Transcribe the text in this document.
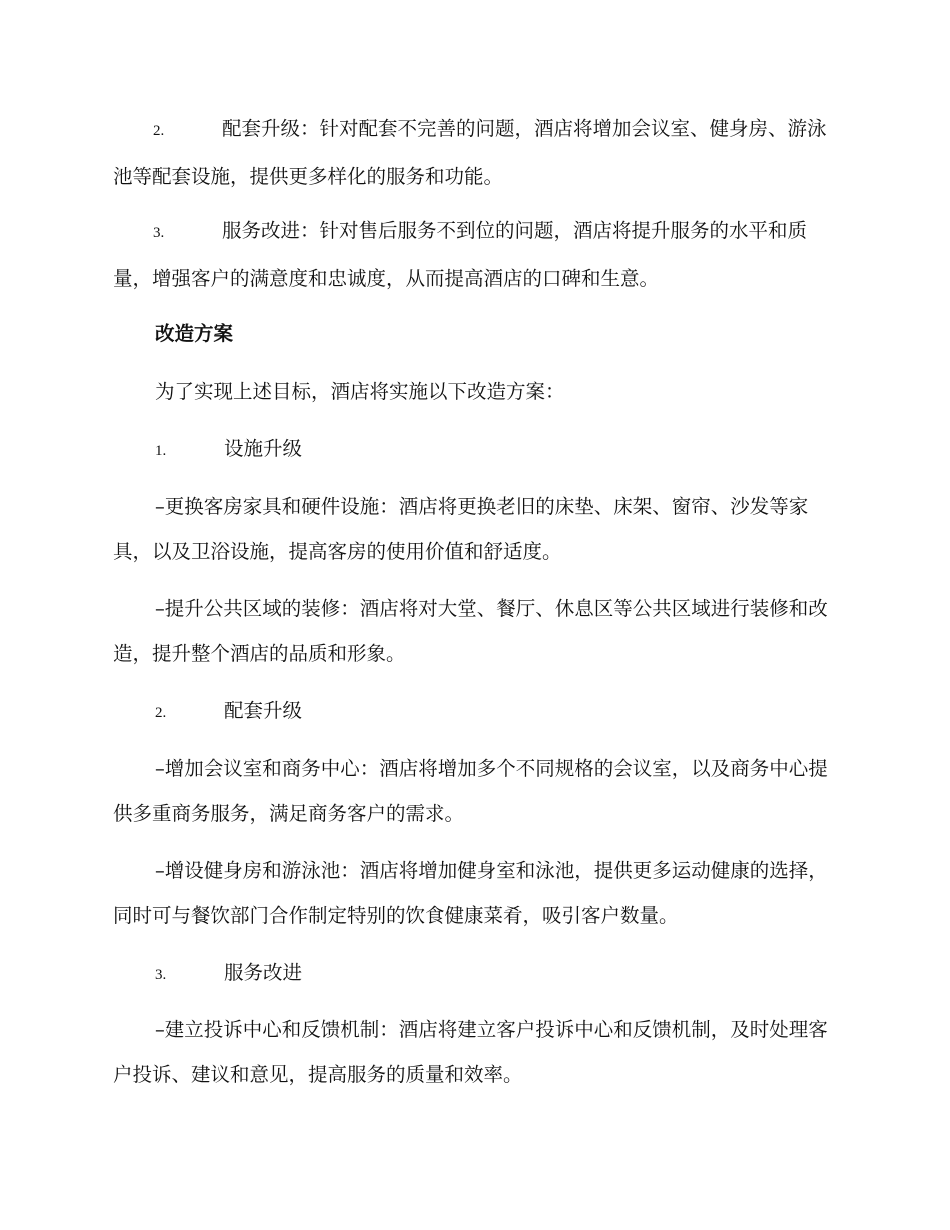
2.	配套升级：针对配套不完善的问题，酒店将增加会议室、健身房、游泳池等配套设施，提供更多样化的服务和功能。

3.	服务改进：针对售后服务不到位的问题，酒店将提升服务的水平和质量，增强客户的满意度和忠诚度，从而提高酒店的口碑和生意。

改造方案

为了实现上述目标，酒店将实施以下改造方案：

1.	设施升级

–更换客房家具和硬件设施：酒店将更换老旧的床垫、床架、窗帘、沙发等家具，以及卫浴设施，提高客房的使用价值和舒适度。

–提升公共区域的装修：酒店将对大堂、餐厅、休息区等公共区域进行装修和改造，提升整个酒店的品质和形象。

2.	配套升级

–增加会议室和商务中心：酒店将增加多个不同规格的会议室，以及商务中心提供多重商务服务，满足商务客户的需求。

–增设健身房和游泳池：酒店将增加健身室和泳池，提供更多运动健康的选择，同时可与餐饮部门合作制定特别的饮食健康菜肴，吸引客户数量。

3.	服务改进

–建立投诉中心和反馈机制：酒店将建立客户投诉中心和反馈机制，及时处理客户投诉、建议和意见，提高服务的质量和效率。
